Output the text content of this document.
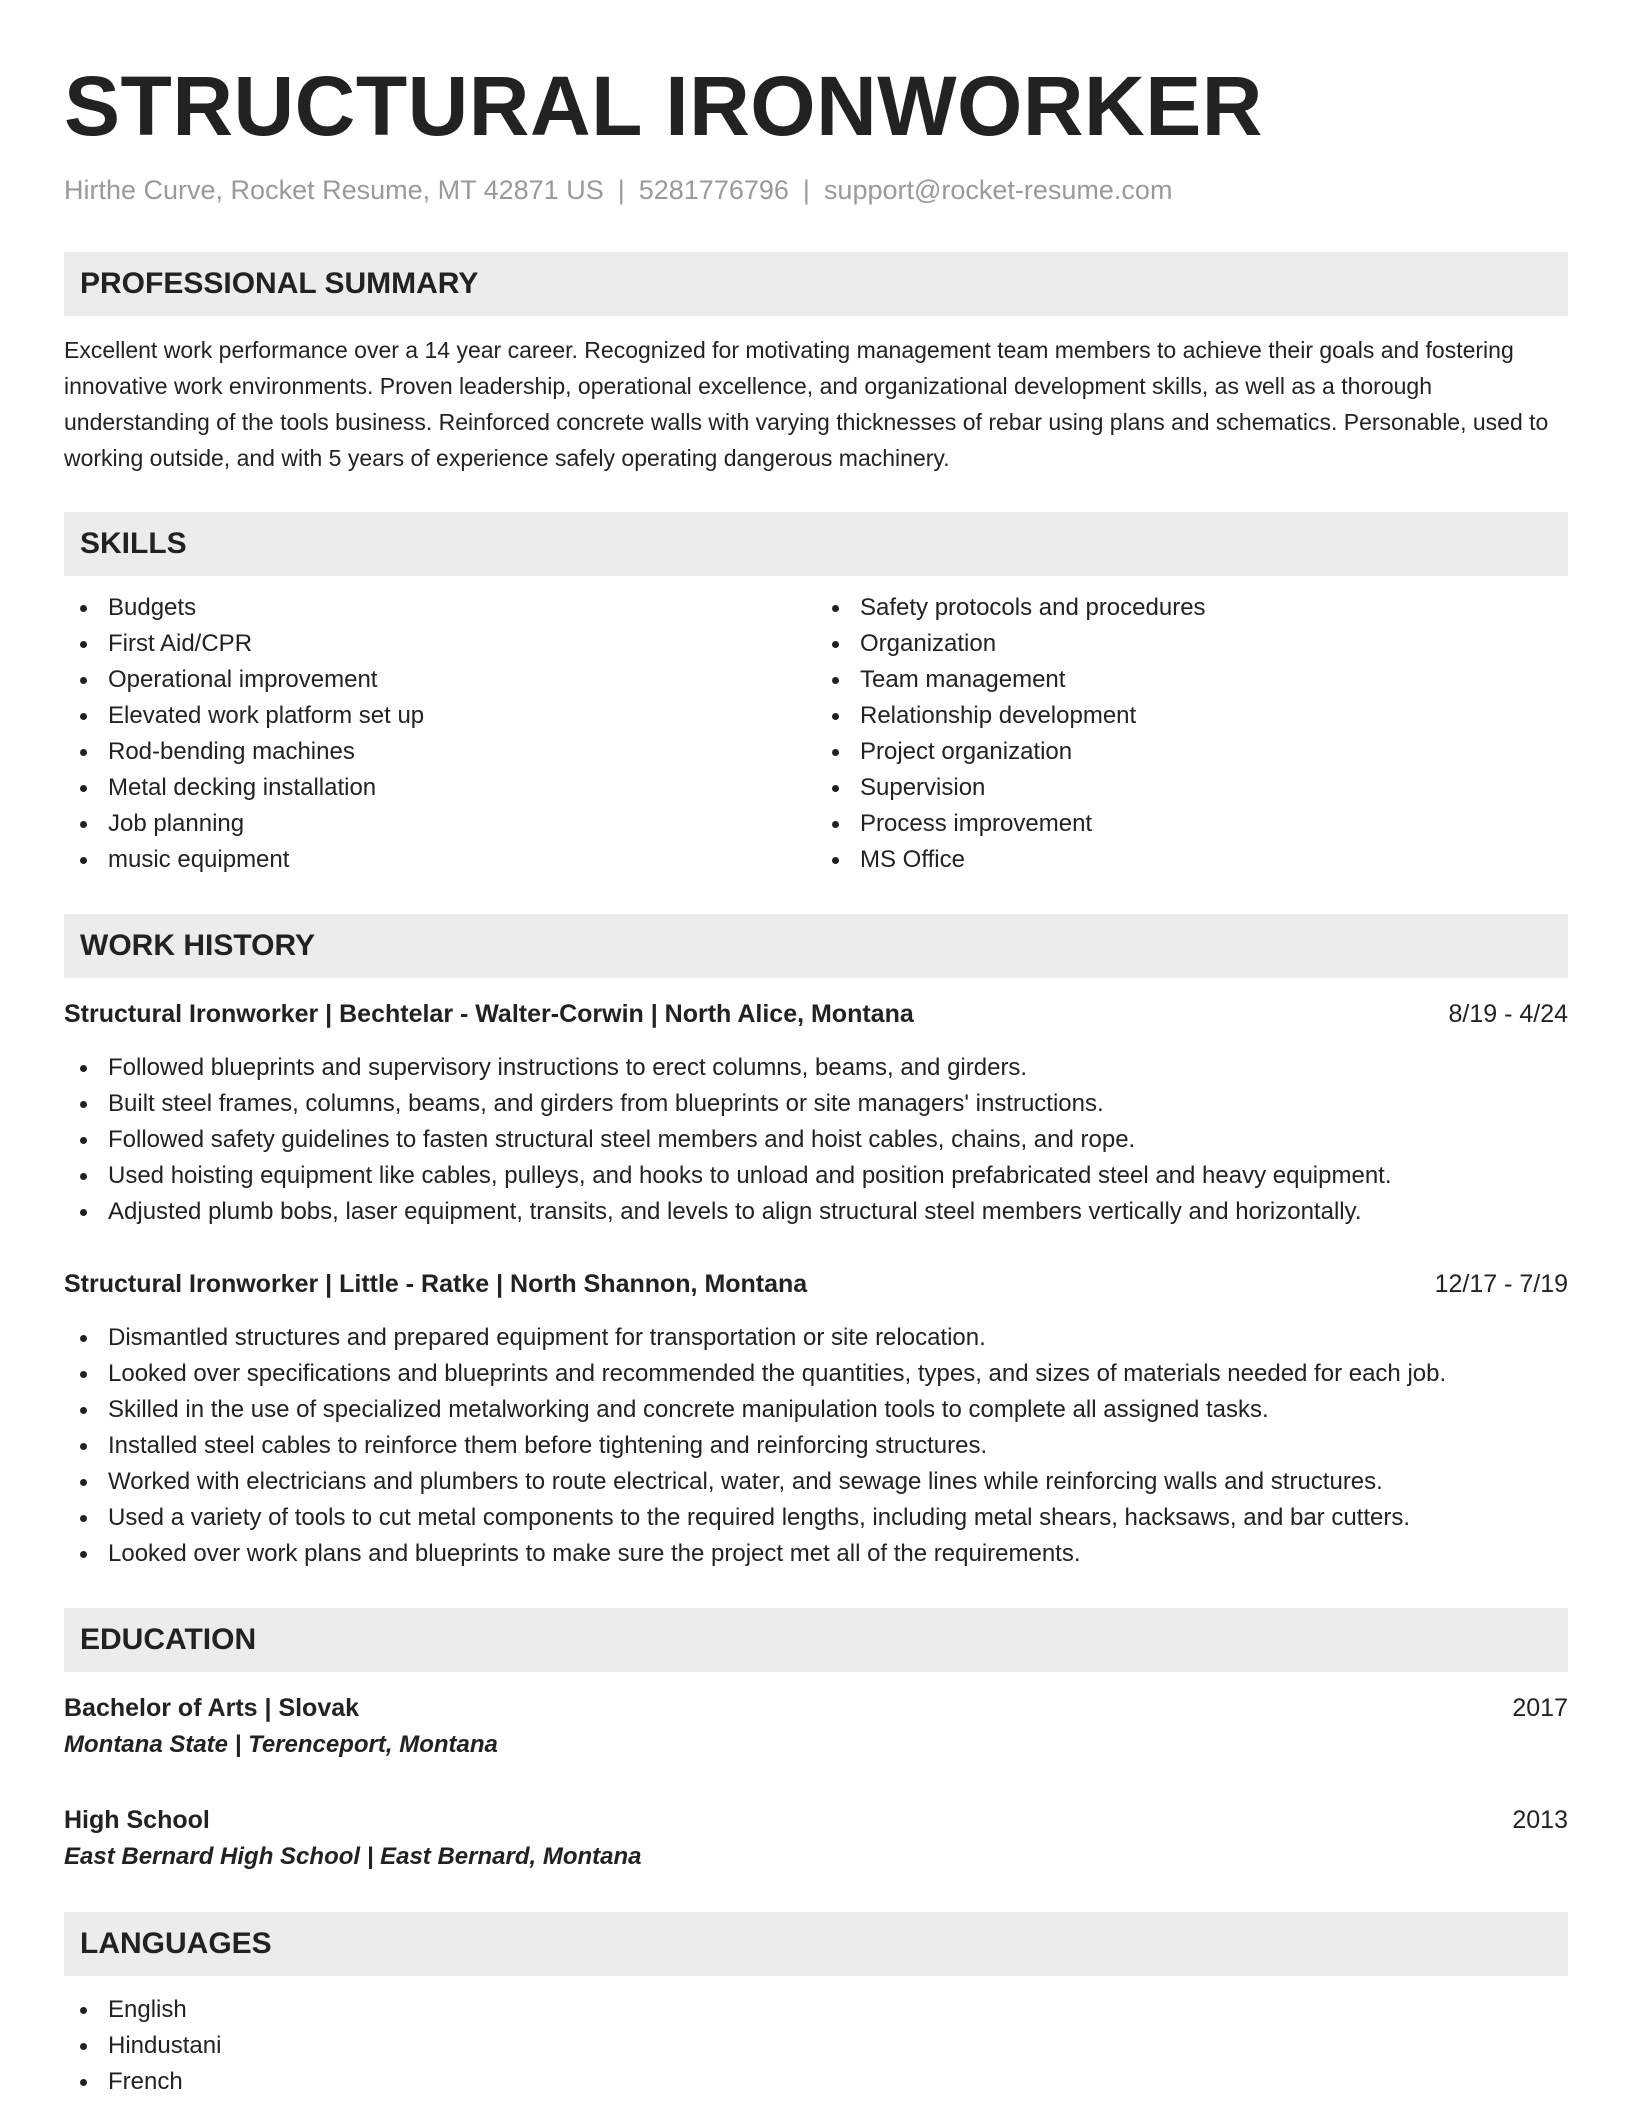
STRUCTURAL IRONWORKER
Hirthe Curve, Rocket Resume, MT 42871 US | 5281776796 | support@rocket-resume.com
PROFESSIONAL SUMMARY
Excellent work performance over a 14 year career. Recognized for motivating management team members to achieve their goals and fostering innovative work environments. Proven leadership, operational excellence, and organizational development skills, as well as a thorough understanding of the tools business. Reinforced concrete walls with varying thicknesses of rebar using plans and schematics. Personable, used to working outside, and with 5 years of experience safely operating dangerous machinery.
SKILLS
Budgets
First Aid/CPR
Operational improvement
Elevated work platform set up
Rod-bending machines
Metal decking installation
Job planning
music equipment
Safety protocols and procedures
Organization
Team management
Relationship development
Project organization
Supervision
Process improvement
MS Office
WORK HISTORY
Structural Ironworker | Bechtelar - Walter-Corwin | North Alice, Montana	8/19 - 4/24
Followed blueprints and supervisory instructions to erect columns, beams, and girders.
Built steel frames, columns, beams, and girders from blueprints or site managers' instructions.
Followed safety guidelines to fasten structural steel members and hoist cables, chains, and rope.
Used hoisting equipment like cables, pulleys, and hooks to unload and position prefabricated steel and heavy equipment.
Adjusted plumb bobs, laser equipment, transits, and levels to align structural steel members vertically and horizontally.
Structural Ironworker | Little - Ratke | North Shannon, Montana	12/17 - 7/19
Dismantled structures and prepared equipment for transportation or site relocation.
Looked over specifications and blueprints and recommended the quantities, types, and sizes of materials needed for each job.
Skilled in the use of specialized metalworking and concrete manipulation tools to complete all assigned tasks.
Installed steel cables to reinforce them before tightening and reinforcing structures.
Worked with electricians and plumbers to route electrical, water, and sewage lines while reinforcing walls and structures.
Used a variety of tools to cut metal components to the required lengths, including metal shears, hacksaws, and bar cutters.
Looked over work plans and blueprints to make sure the project met all of the requirements.
EDUCATION
Bachelor of Arts | Slovak	2017
Montana State | Terenceport, Montana
High School	2013
East Bernard High School | East Bernard, Montana
LANGUAGES
English
Hindustani
French
